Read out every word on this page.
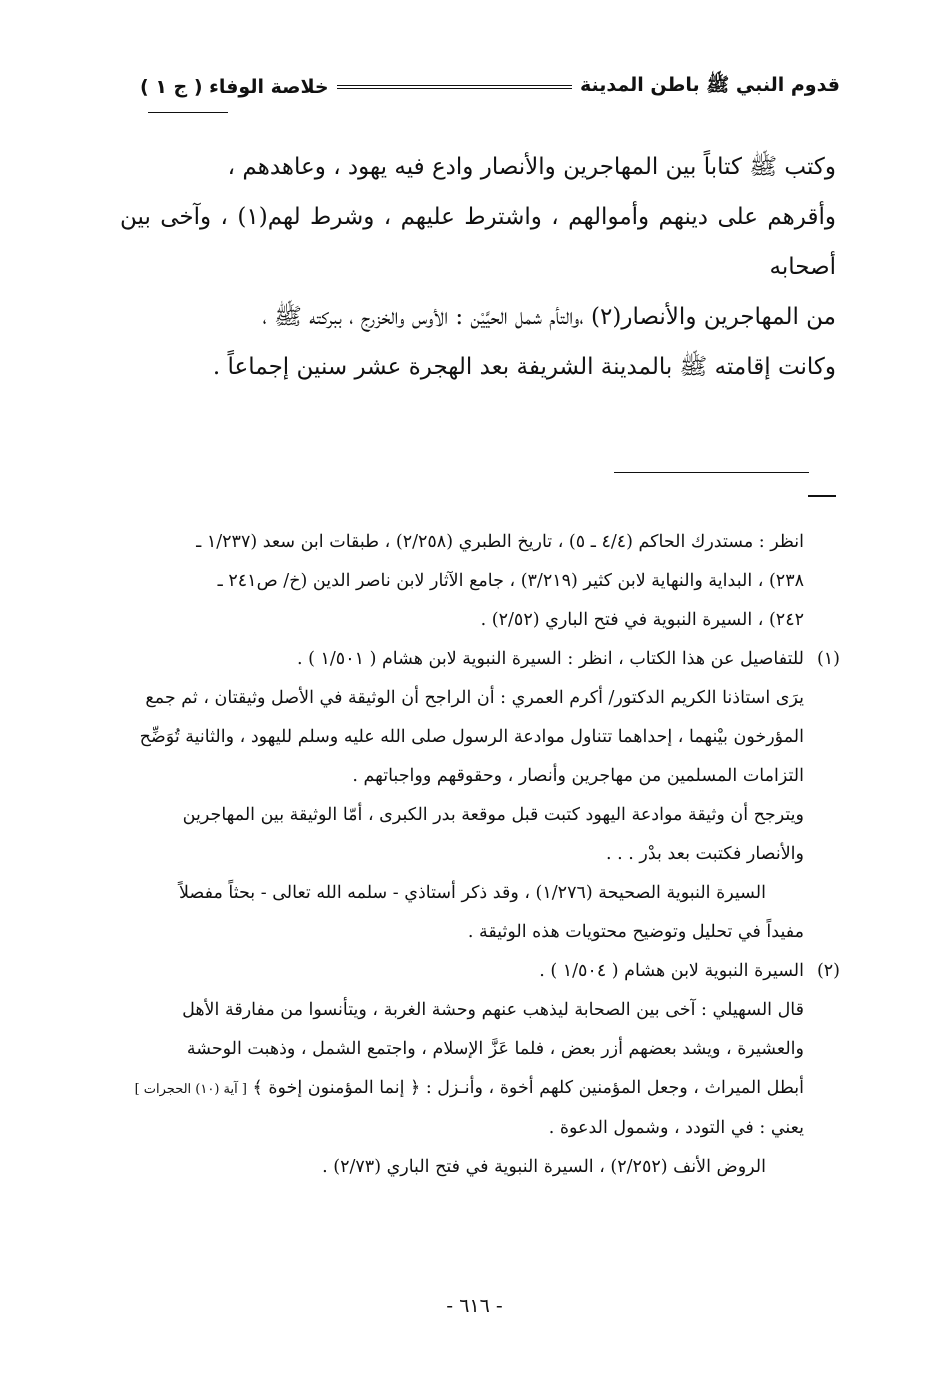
قدوم النبي ﷺ باطن المدينة
خلاصة الوفاء ( ج ١ )

وكتب ﷺ كتاباً بين المهاجرين والأنصار وادع فيه يهود ، وعاهدهم ،

وأقرهم على دينهم وأموالهم ، واشترط عليهم ، وشرط لهم(١) ، وآخى بين أصحابه

من المهاجرين والأنصار(٢) ،والتأم شمل الحيَّيْن : الأوس والخزرج ، ببركته ﷺ ،

وكانت إقامته ﷺ بالمدينة الشريفة بعد الهجرة عشر سنين إجماعاً .

انظر : مستدرك الحاكم (٤/٤ ـ ٥) ، تاريخ الطبري (٢/٢٥٨) ، طبقات ابن سعد (١/٢٣٧ ـ

٢٣٨) ، البداية والنهاية لابن كثير (٣/٢١٩) ، جامع الآثار لابن ناصر الدين (خ/ ص٢٤١ ـ

٢٤٢) ، السيرة النبوية في فتح الباري (٢/٥٢) .

(١)للتفاصيل عن هذا الكتاب ، انظر : السيرة النبوية لابن هشام ( ١/٥٠١ ) .

يرَى استاذنا الكريم الدكتور/ أكرم العمري : أن الراجح أن الوثيقة في الأصل وثيقتان ، ثم جمع

المؤرخون بيْنهما ، إحداهما تتناول موادعة الرسول صلى الله عليه وسلم لليهود ، والثانية تُوَضِّح

التزامات المسلمين من مهاجرين وأنصار ، وحقوقهم وواجباتهم .

ويترجح أن وثيقة موادعة اليهود كتبت قبل موقعة بدر الكبرى ، أمّا الوثيقة بين المهاجرين

والأنصار فكتبت بعد بدْر . . .

السيرة النبوية الصحيحة (١/٢٧٦) ، وقد ذكر أستاذي - سلمه الله تعالى - بحثاً مفصلاً

مفيداً في تحليل وتوضيح محتويات هذه الوثيقة .

(٢)السيرة النبوية لابن هشام ( ١/٥٠٤ ) .

قال السهيلي : آخى بين الصحابة ليذهب عنهم وحشة الغربة ، ويتأنسوا من مفارقة الأهل

والعشيرة ، ويشد بعضهم أزر بعض ، فلما عَزَّ الإسلام ، واجتمع الشمل ، وذهبت الوحشة

أبطل الميراث ، وجعل المؤمنين كلهم أخوة ، وأنـزل : ﴿ إنما المؤمنون إخوة ﴾ [ آية (١٠) الحجرات ]

يعني : في التودد ، وشمول الدعوة .

الروض الأنف (٢/٢٥٢) ، السيرة النبوية في فتح الباري (٢/٧٣) .

- ٦١٦ -
